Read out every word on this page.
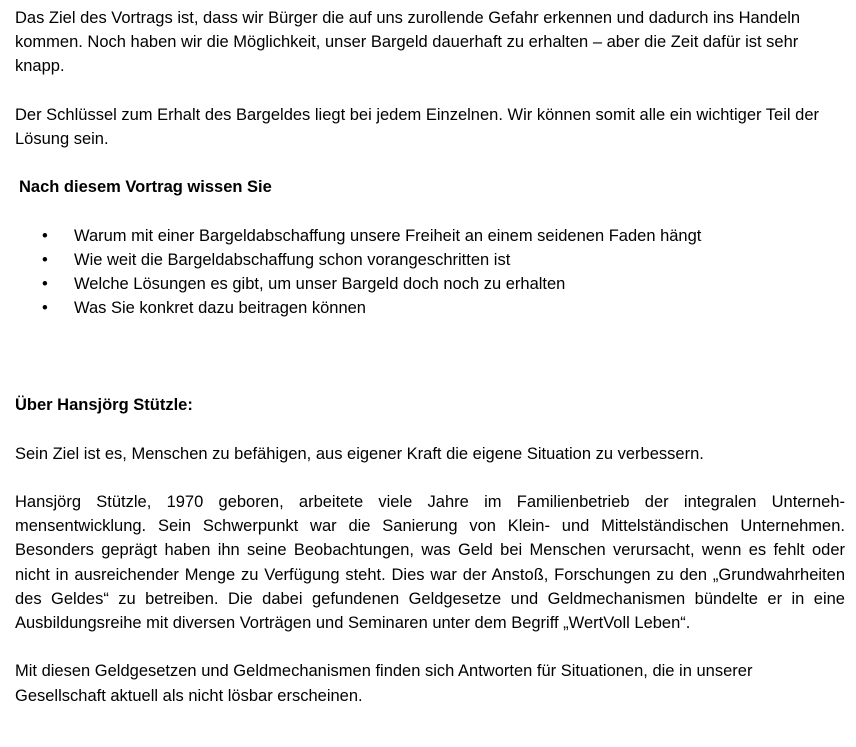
Das Ziel des Vortrags ist, dass wir Bürger die auf uns zurollende Gefahr erkennen und dadurch ins Handeln kommen. Noch haben wir die Möglichkeit, unser Bargeld dauerhaft zu erhalten – aber die Zeit dafür ist sehr knapp.

Der Schlüssel zum Erhalt des Bargeldes liegt bei jedem Einzelnen. Wir können somit alle ein wichtiger Teil der Lösung sein.

Nach diesem Vortrag wissen Sie

• Warum mit einer Bargeldabschaffung unsere Freiheit an einem seidenen Faden hängt
• Wie weit die Bargeldabschaffung schon vorangeschritten ist
• Welche Lösungen es gibt, um unser Bargeld doch noch zu erhalten
• Was Sie konkret dazu beitragen können

Über Hansjörg Stützle:

Sein Ziel ist es, Menschen zu befähigen, aus eigener Kraft die eigene Situation zu verbessern.

Hansjörg Stützle, 1970 geboren, arbeitete viele Jahre im Familienbetrieb der integralen Unternehmensentwicklung. Sein Schwerpunkt war die Sanierung von Klein- und Mittelständischen Unternehmen. Besonders geprägt haben ihn seine Beobachtungen, was Geld bei Menschen verursacht, wenn es fehlt oder nicht in ausreichender Menge zu Verfügung steht. Dies war der Anstoß, Forschungen zu den „Grundwahrheiten des Geldes“ zu betreiben. Die dabei gefundenen Geldgesetze und Geldmechanismen bündelte er in eine Ausbildungsreihe mit diversen Vorträgen und Seminaren unter dem Begriff „WertVoll Leben“.

Mit diesen Geldgesetzen und Geldmechanismen finden sich Antworten für Situationen, die in unserer Gesellschaft aktuell als nicht lösbar erscheinen.
